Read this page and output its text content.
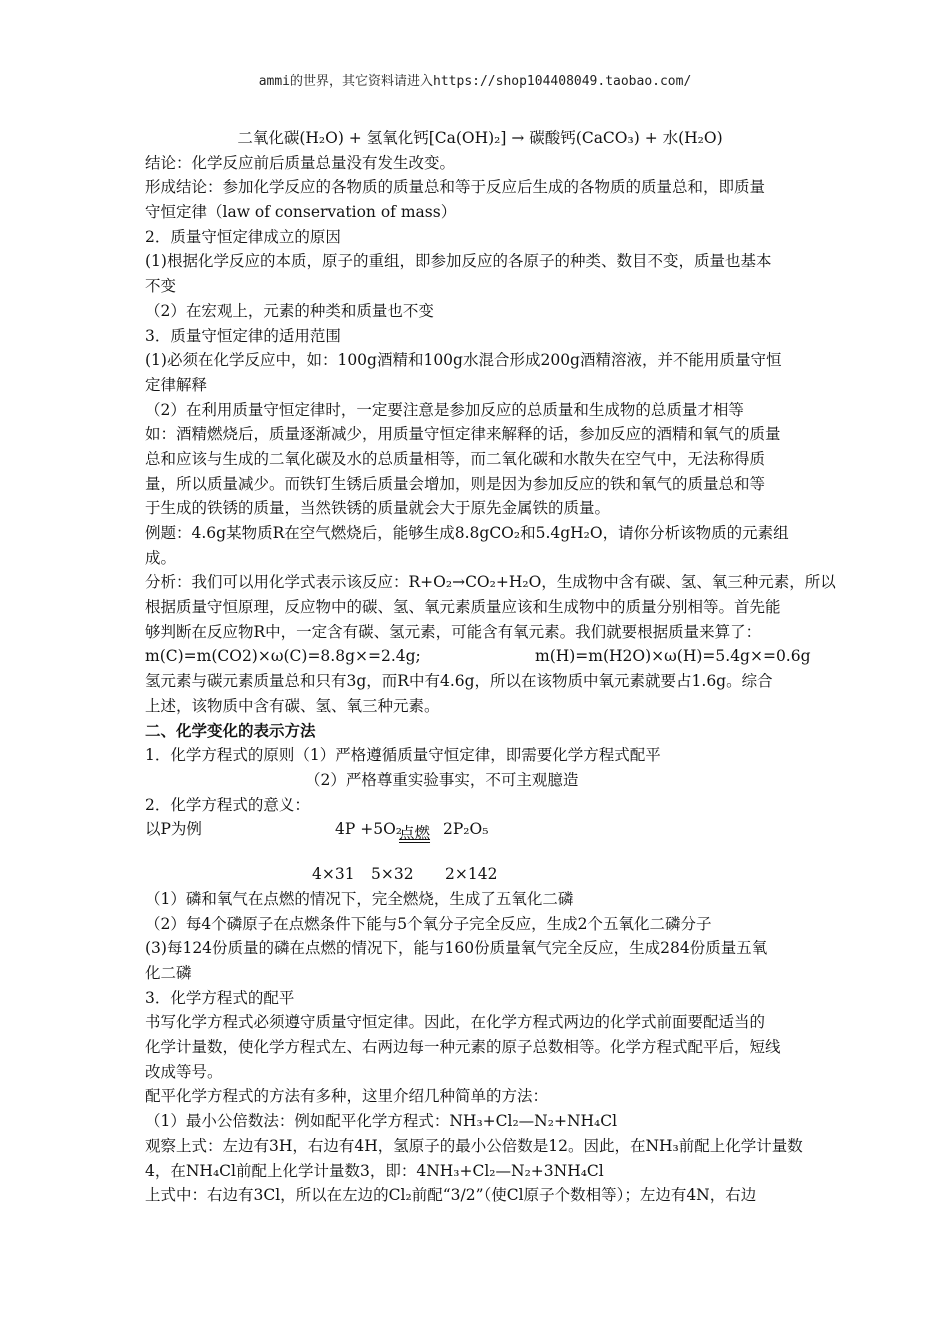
ammi的世界，其它资料请进入https://shop104408049.taobao.com/
二氧化碳(H₂O) + 氢氧化钙[Ca(OH)₂] → 碳酸钙(CaCO₃) + 水(H₂O)
结论：化学反应前后质量总量没有发生改变。
形成结论：参加化学反应的各物质的质量总和等于反应后生成的各物质的质量总和，即质量
守恒定律（law of conservation of mass）
2．质量守恒定律成立的原因
(1)根据化学反应的本质，原子的重组，即参加反应的各原子的种类、数目不变，质量也基本
不变
（2）在宏观上，元素的种类和质量也不变
3．质量守恒定律的适用范围
(1)必须在化学反应中，如：100g酒精和100g水混合形成200g酒精溶液，并不能用质量守恒
定律解释
（2）在利用质量守恒定律时，一定要注意是参加反应的总质量和生成物的总质量才相等
如：酒精燃烧后，质量逐渐减少，用质量守恒定律来解释的话，参加反应的酒精和氧气的质量
总和应该与生成的二氧化碳及水的总质量相等，而二氧化碳和水散失在空气中，无法称得质
量，所以质量减少。而铁钉生锈后质量会增加，则是因为参加反应的铁和氧气的质量总和等
于生成的铁锈的质量，当然铁锈的质量就会大于原先金属铁的质量。
例题：4.6g某物质R在空气燃烧后，能够生成8.8gCO₂和5.4gH₂O，请你分析该物质的元素组
成。
分析：我们可以用化学式表示该反应：R+O₂→CO₂+H₂O，生成物中含有碳、氢、氧三种元素，所以
根据质量守恒原理，反应物中的碳、氢、氧元素质量应该和生成物中的质量分别相等。首先能
够判断在反应物R中，一定含有碳、氢元素，可能含有氧元素。我们就要根据质量来算了：
m(C)=m(CO2)×ω(C)=8.8g×=2.4g;	m(H)=m(H2O)×ω(H)=5.4g×=0.6g
氢元素与碳元素质量总和只有3g，而R中有4.6g，所以在该物质中氧元素就要占1.6g。综合
上述，该物质中含有碳、氢、氧三种元素。
二、化学变化的表示方法
1．化学方程式的原则（1）严格遵循质量守恒定律，即需要化学方程式配平
（2）严格尊重实验事实，不可主观臆造
2．化学方程式的意义：
以P为例	4P +5O₂
点燃 2P₂O₅
4×31 5×32 2×142
（1）磷和氧气在点燃的情况下，完全燃烧，生成了五氧化二磷
（2）每4个磷原子在点燃条件下能与5个氧分子完全反应，生成2个五氧化二磷分子
(3)每124份质量的磷在点燃的情况下，能与160份质量氧气完全反应，生成284份质量五氧
化二磷
3．化学方程式的配平
书写化学方程式必须遵守质量守恒定律。因此，在化学方程式两边的化学式前面要配适当的
化学计量数，使化学方程式左、右两边每一种元素的原子总数相等。化学方程式配平后，短线
改成等号。
配平化学方程式的方法有多种，这里介绍几种简单的方法：
（1）最小公倍数法：例如配平化学方程式：NH₃+Cl₂—N₂+NH₄Cl
观察上式：左边有3H，右边有4H，氢原子的最小公倍数是12。因此，在NH₃前配上化学计量数
4，在NH₄Cl前配上化学计量数3，即：4NH₃+Cl₂—N₂+3NH₄Cl
上式中：右边有3Cl，所以在左边的Cl₂前配“3/2”（使Cl原子个数相等）；左边有4N，右边
